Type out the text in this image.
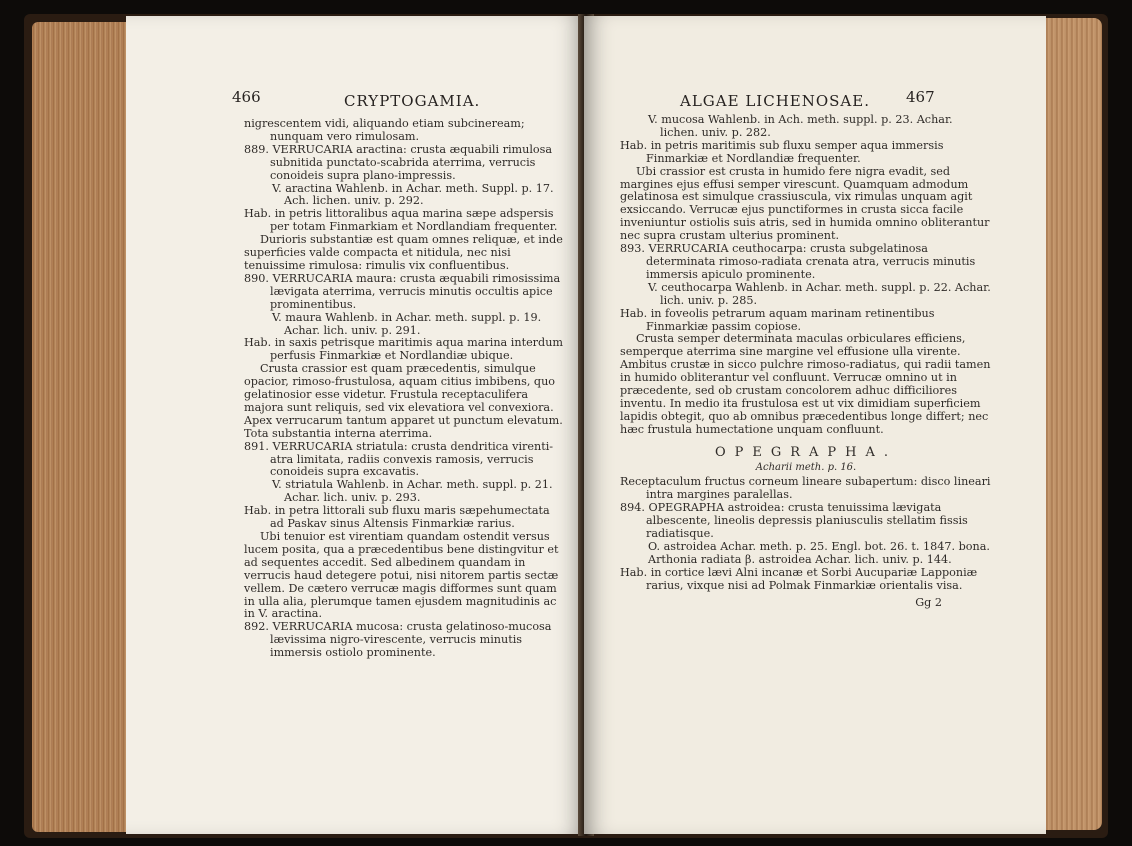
466	CRYPTOGAMIA.

nigrescentem vidi, aliquando etiam subcineream; nunquam vero rimulosam.

889. VERRUCARIA aractina: crusta æquabili rimulosa subnitida punctato-scabrida aterrima, verrucis conoideis supra plano-impressis.

V. aractina Wahlenb. in Achar. meth. Suppl. p. 17. Ach. lichen. univ. p. 292.

Hab. in petris littoralibus aqua marina sæpe adspersis per totam Finmarkiam et Nordlandiam frequenter.

Durioris substantiæ est quam omnes reliquæ, et inde superficies valde compacta et nitidula, nec nisi tenuissime rimulosa: rimulis vix confluentibus.

890. VERRUCARIA maura: crusta æquabili rimosissima lævigata aterrima, verrucis minutis occultis apice prominentibus.

V. maura Wahlenb. in Achar. meth. suppl. p. 19. Achar. lich. univ. p. 291.

Hab. in saxis petrisque maritimis aqua marina interdum perfusis Finmarkiæ et Nordlandiæ ubique.

Crusta crassior est quam præcedentis, simulque opacior, rimoso-frustulosa, aquam citius imbibens, quo gelatinosior esse videtur. Frustula receptaculifera majora sunt reliquis, sed vix elevatiora vel convexiora. Apex verrucarum tantum apparet ut punctum elevatum. Tota substantia interna aterrima.

891. VERRUCARIA striatula: crusta dendritica virenti-atra limitata, radiis convexis ramosis, verrucis conoideis supra excavatis.

V. striatula Wahlenb. in Achar. meth. suppl. p. 21. Achar. lich. univ. p. 293.

Hab. in petra littorali sub fluxu maris sæpehumectata ad Paskav sinus Altensis Finmarkiæ rarius.

Ubi tenuior est virentiam quandam ostendit versus lucem posita, qua a præcedentibus bene distingvitur et ad sequentes accedit. Sed albedinem quandam in verrucis haud detegere potui, nisi nitorem partis sectæ vellem. De cætero verrucæ magis difformes sunt quam in ulla alia, plerumque tamen ejusdem magnitudinis ac in V. aractina.

892. VERRUCARIA mucosa: crusta gelatinoso-mucosa lævissima nigro-virescente, verrucis minutis immersis ostiolo prominente.

ALGAE LICHENOSAE. 467

V. mucosa Wahlenb. in Ach. meth. suppl. p. 23. Achar. lichen. univ. p. 282.

Hab. in petris maritimis sub fluxu semper aqua immersis Finmarkiæ et Nordlandiæ frequenter.

Ubi crassior est crusta in humido fere nigra evadit, sed margines ejus effusi semper virescunt. Quamquam admodum gelatinosa est simulque crassiuscula, vix rimulas unquam agit exsiccando. Verrucæ ejus punctiformes in crusta sicca facile inveniuntur ostiolis suis atris, sed in humida omnino obliterantur nec supra crustam ulterius prominent.

893. VERRUCARIA ceuthocarpa: crusta subgelatinosa determinata rimoso-radiata crenata atra, verrucis minutis immersis apiculo prominente.

V. ceuthocarpa Wahlenb. in Achar. meth. suppl. p. 22. Achar. lich. univ. p. 285.

Hab. in foveolis petrarum aquam marinam retinentibus Finmarkiæ passim copiose.

Crusta semper determinata maculas orbiculares efficiens, semperque aterrima sine margine vel effusione ulla virente. Ambitus crustæ in sicco pulchre rimoso-radiatus, qui radii tamen in humido obliterantur vel confluunt. Verrucæ omnino ut in præcedente, sed ob crustam concolorem adhuc difficiliores inventu. In medio ita frustulosa est ut vix dimidiam superficiem lapidis obtegit, quo ab omnibus præcedentibus longe differt; nec hæc frustula humectatione unquam confluunt.

OPEGRAPHA.
Acharii meth. p. 16.

Receptaculum fructus corneum lineare subapertum: disco lineari intra margines paralellas.

894. OPEGRAPHA astroidea: crusta tenuissima lævigata albescente, lineolis depressis planiusculis stellatim fissis radiatisque.

O. astroidea Achar. meth. p. 25. Engl. bot. 26. t. 1847. bona.

Arthonia radiata β. astroidea Achar. lich. univ. p. 144.

Hab. in cortice lævi Alni incanæ et Sorbi Aucupariæ Lapponiæ rarius, vixque nisi ad Polmak Finmarkiæ orientalis visa.

Gg 2
